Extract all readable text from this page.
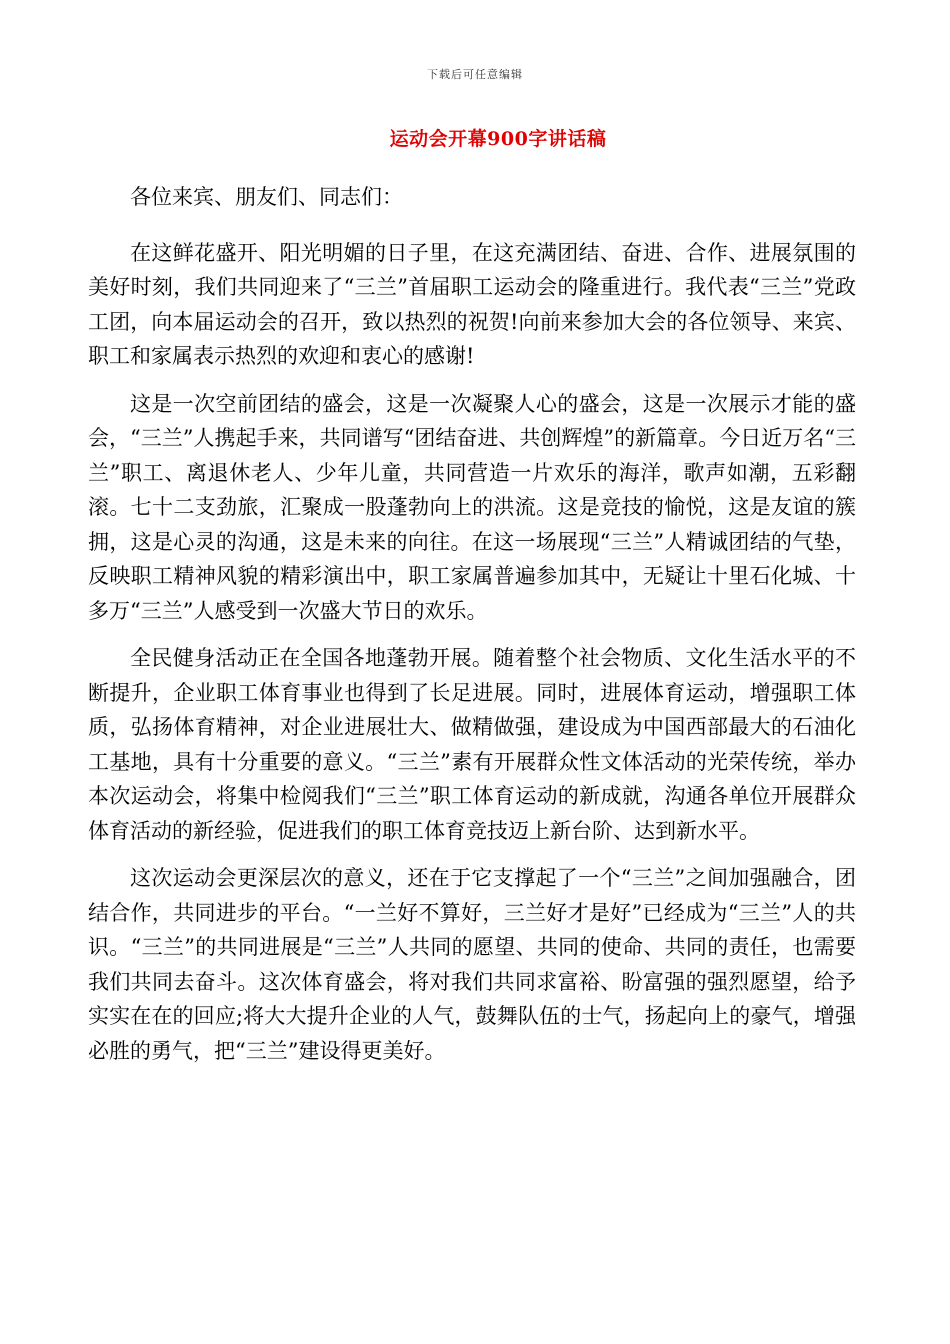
下载后可任意编辑
运动会开幕900字讲话稿

各位来宾、朋友们、同志们：

在这鲜花盛开、阳光明媚的日子里，在这充满团结、奋进、合作、进展氛围的美好时刻，我们共同迎来了“三兰”首届职工运动会的隆重进行。我代表“三兰”党政工团，向本届运动会的召开，致以热烈的祝贺!向前来参加大会的各位领导、来宾、职工和家属表示热烈的欢迎和衷心的感谢!

这是一次空前团结的盛会，这是一次凝聚人心的盛会，这是一次展示才能的盛会，“三兰”人携起手来，共同谱写“团结奋进、共创辉煌”的新篇章。今日近万名“三兰”职工、离退休老人、少年儿童，共同营造一片欢乐的海洋，歌声如潮，五彩翻滚。七十二支劲旅，汇聚成一股蓬勃向上的洪流。这是竞技的愉悦，这是友谊的簇拥，这是心灵的沟通，这是未来的向往。在这一场展现“三兰”人精诚团结的气垫，反映职工精神风貌的精彩演出中，职工家属普遍参加其中，无疑让十里石化城、十多万“三兰”人感受到一次盛大节日的欢乐。

全民健身活动正在全国各地蓬勃开展。随着整个社会物质、文化生活水平的不断提升，企业职工体育事业也得到了长足进展。同时，进展体育运动，增强职工体质，弘扬体育精神，对企业进展壮大、做精做强，建设成为中国西部最大的石油化工基地，具有十分重要的意义。“三兰”素有开展群众性文体活动的光荣传统，举办本次运动会，将集中检阅我们“三兰”职工体育运动的新成就，沟通各单位开展群众体育活动的新经验，促进我们的职工体育竞技迈上新台阶、达到新水平。

这次运动会更深层次的意义，还在于它支撑起了一个“三兰”之间加强融合，团结合作，共同进步的平台。“一兰好不算好，三兰好才是好”已经成为“三兰”人的共识。“三兰”的共同进展是“三兰”人共同的愿望、共同的使命、共同的责任，也需要我们共同去奋斗。这次体育盛会，将对我们共同求富裕、盼富强的强烈愿望，给予实实在在的回应;将大大提升企业的人气，鼓舞队伍的士气，扬起向上的豪气，增强必胜的勇气，把“三兰”建设得更美好。
